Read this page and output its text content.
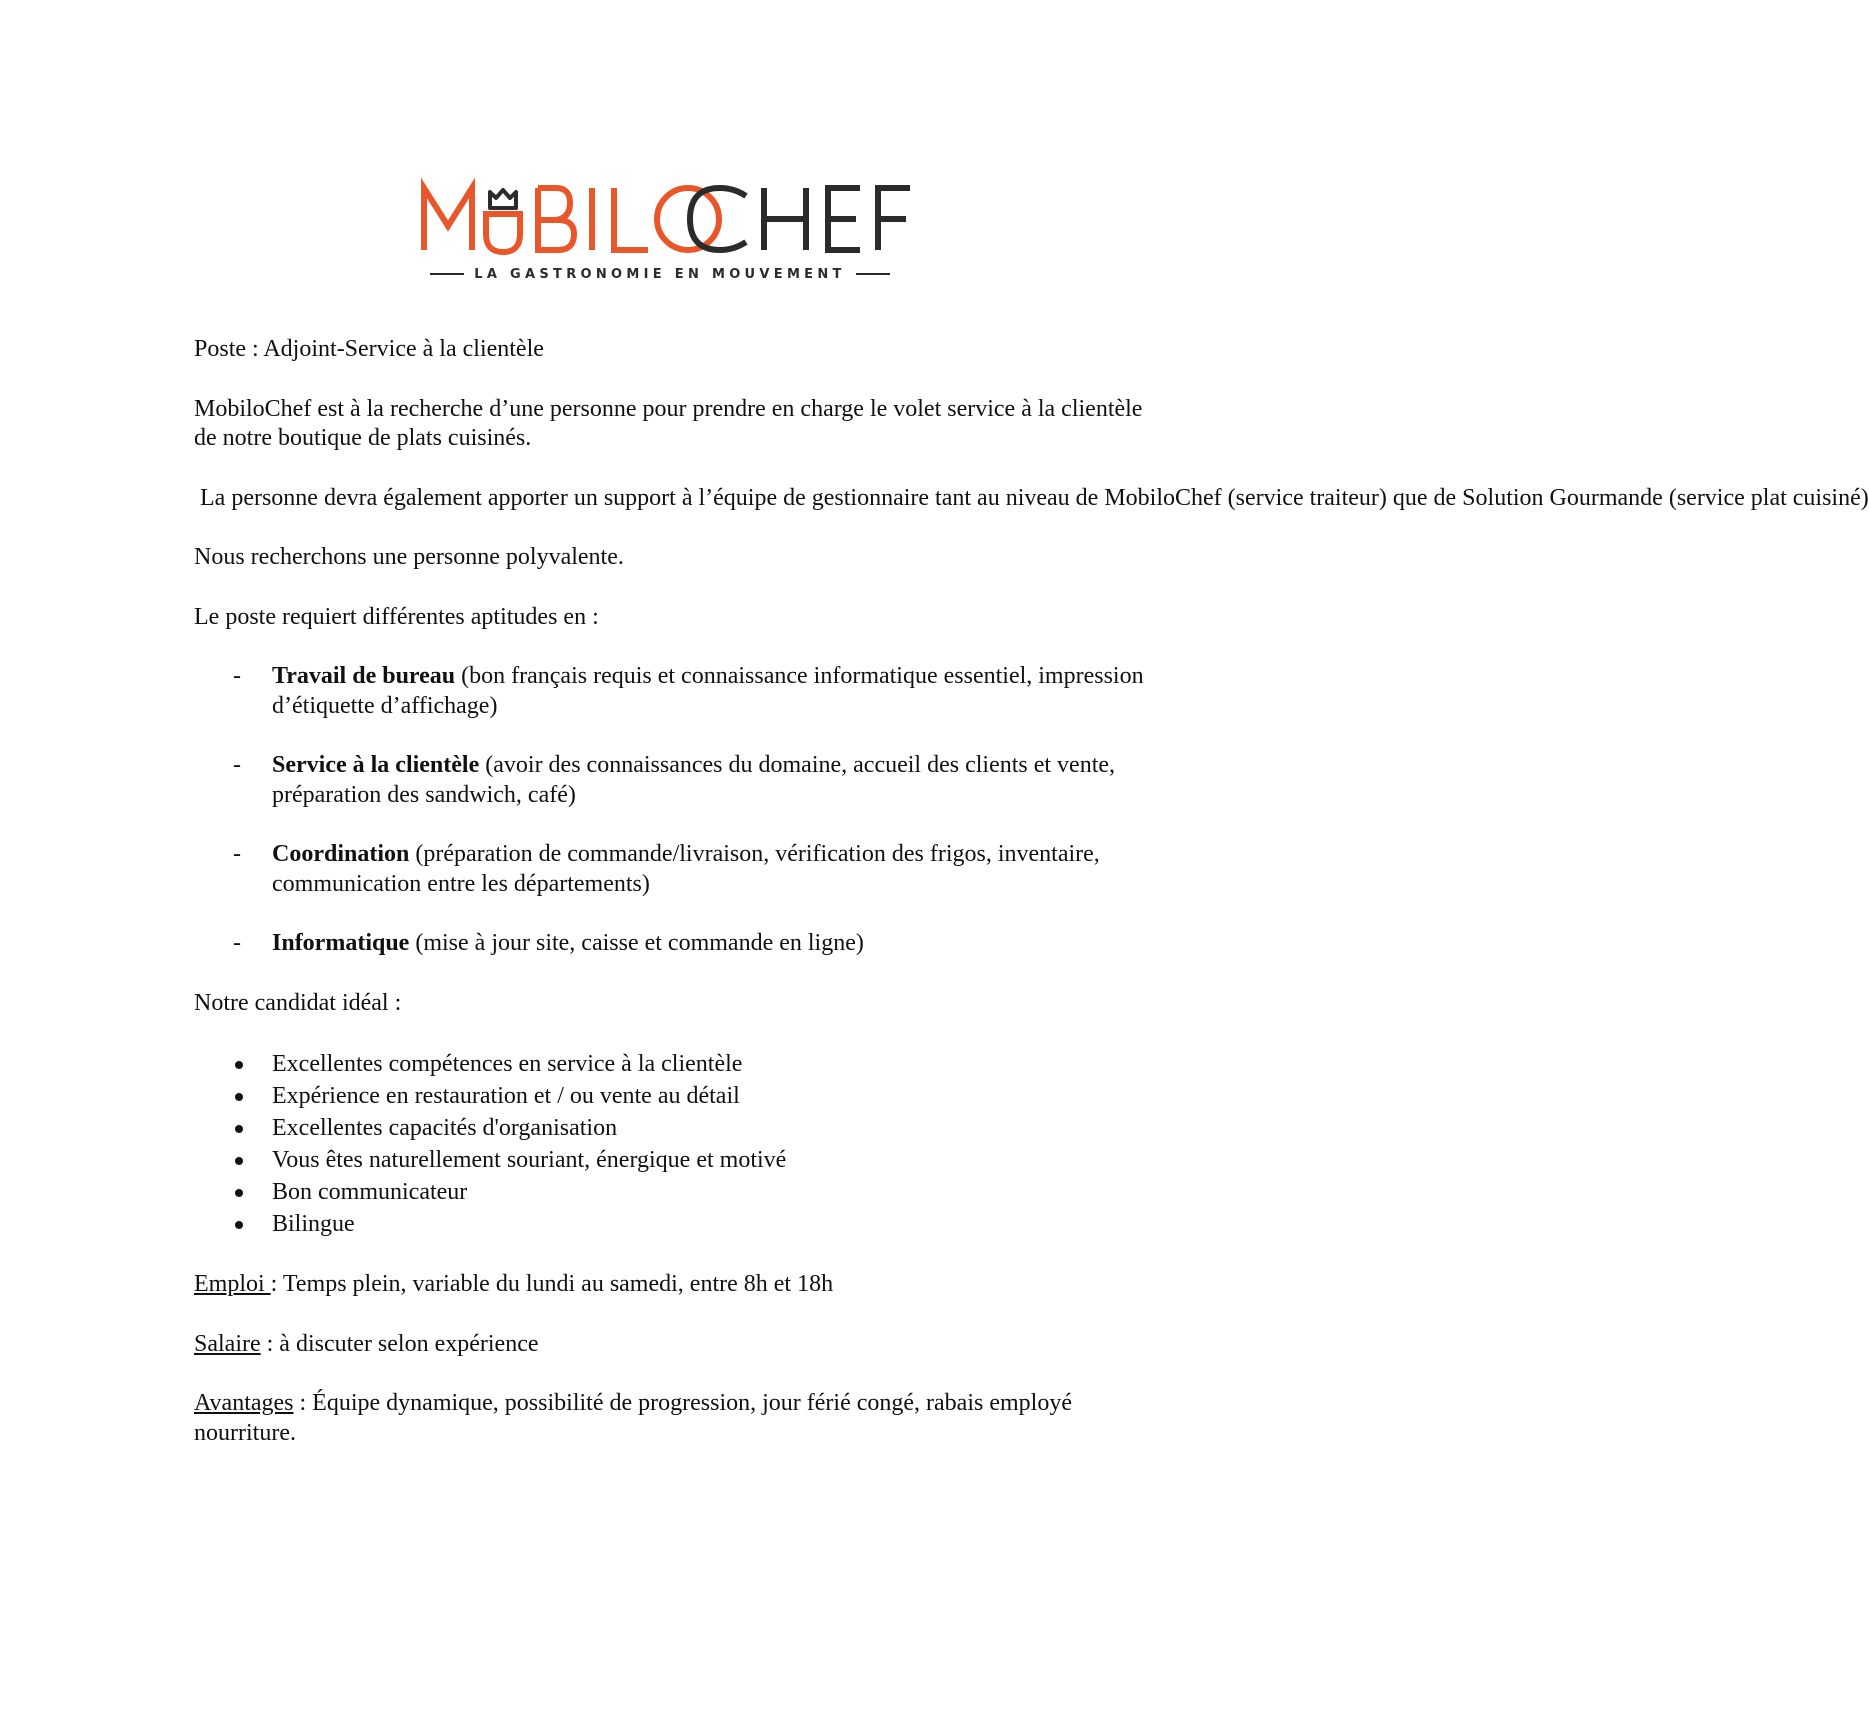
LA GASTRONOMIE EN MOUVEMENT

Poste : Adjoint-Service à la clientèle

MobiloChef est à la recherche d’une personne pour prendre en charge le volet service à la clientèle de notre boutique de plats cuisinés.

La personne devra également apporter un support à l’équipe de gestionnaire tant au niveau de MobiloChef (service traiteur) que de Solution Gourmande (service plat cuisiné)

Nous recherchons une personne polyvalente.

Le poste requiert différentes aptitudes en :

- Travail de bureau (bon français requis et connaissance informatique essentiel, impression d’étiquette d’affichage)
- Service à la clientèle (avoir des connaissances du domaine, accueil des clients et vente, préparation des sandwich, café)
- Coordination (préparation de commande/livraison, vérification des frigos, inventaire, communication entre les départements)
- Informatique (mise à jour site, caisse et commande en ligne)

Notre candidat idéal :

Excellentes compétences en service à la clientèle
Expérience en restauration et / ou vente au détail
Excellentes capacités d'organisation
Vous êtes naturellement souriant, énergique et motivé
Bon communicateur
Bilingue

Emploi : Temps plein, variable du lundi au samedi, entre 8h et 18h

Salaire : à discuter selon expérience

Avantages : Équipe dynamique, possibilité de progression, jour férié congé, rabais employé nourriture.
